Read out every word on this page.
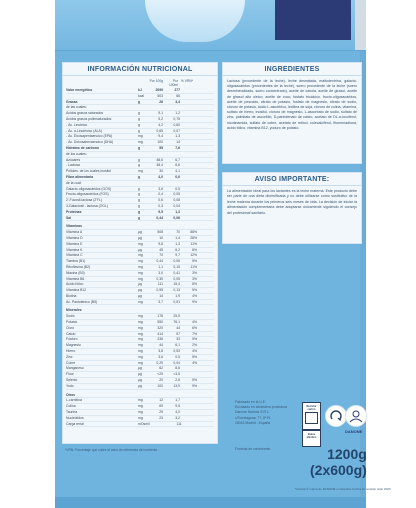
INFORMACIÓN NUTRICIONAL
Por 100g	Por 100ml
% VRN*
Valor energético	kJ	2099	277
kcal	503	66
Grasas	g	26	3,4
de las cuales:
Ácidos grasos saturados	g	9,1	1,2
Ácidos grasos poliinsaturados:	g	5,2	0,75
- Ác. Linoleico	g	4,2	0,60
- Ác. α-Linolénico (ALA)	g	0,65	0,07
- Ác. Eicosapentaenoico (EPA)	mg	9,4	1,3
- Ác. Docosahexaenoico (DHA)	mg	100	14
Hidratos de carbono	g	55	7,6
de los cuales:
Azúcares	g	48,6	6,7
- Lactosa	g	48,4	6,6
Polioles: de los cuales inositol	mg	30	4,1
Fibra alimentaria	g	4,0	0,6
de la cual:
Galacto-oligosacáridos (GOS)	g	3,6	0,5
Fructo-oligosacáridos (FOS)	g	0,4	0,05
2'-Fucosil-lactosa (2'FL)	g	0,6	0,08
3-Galactosil - lactosa (3'GL)	g	0,3	0,04
Proteínas	g	9,5	1,3
Sal	g	0,44	0,06
Vitaminas
Vitamina A	µg	508	70	88%
Vitamina D	µg	10	1,4	28%
Vitamina E	mg	9,8	1,3	11%
Vitamina K	µg	45	6,2	8%
Vitamina C	mg	70	9,7	12%
Tiamina (B1)	mg	0,44	0,06	5%
Riboflavina (B2)	mg	1,1	0,15	11%
Niacina (B3)	mg	3,0	0,41	3%
Vitamina B6	mg	0,35	0,05	3%
Ácido fólico	µg	111	15,4	8%
Vitamina B12	µg	0,95	0,13	5%
Biotina	µg	14	1,9	4%
Ác. Pantoténico (B5)	mg	3,7	0,51	9%
Minerales
Sodio	mg	178	25,5
Potasio	mg	550	76,1	4%
Cloro	mg	320	44	6%
Calcio	mg	414	57	7%
Fósforo	mg	236	33	5%
Magnesio	mg	44	6,1	2%
Hierro	mg	3,8	0,53	4%
Zinc	mg	3,6	0,5	5%
Cobre	mg	0,29	0,04	4%
Manganeso	µg	62	8,6
Flúor	µg	<25	<3,5
Selenio	µg	20	2,8	5%
Yodo	µg	100	13,9	9%
Otros
L-carnitina	mg	12	1,7
Colina	mg	69	9,5
Taurina	mg	29	4,0
Nucleótidos	mg	23	3,2
Carga renal	mOsm/l	111
INGREDIENTES
Lactosa (procedente de la leche), leche desnatada, maltodextrina, galacto-oligosacáridos (procedentes de la leche), suero procedente de la leche (suero desmineralizado, suero concentrado), aceite de canola, aceite de girasol, aceite de girasol alto oleico, aceite de coco, fosfato tricálcico, fructo-oligosacáridos, aceite de pescado, citrato de potasio, fosfato de magnesio, citrato de sodio, cloruro de potasio, ácido L-ascórbico, lecitina de soja, cloruro de colina, vitamina, sulfato de hierro, inositol, cloruro de magnesio, L-ascorbato de sodio, sulfato de zinc, palmitato de ascorbilo, D-pantotenato de calcio, acetato de DL-α-tocoferol, nicotinamida, sulfato de cobre, acetato de retinol, colecalciferol, fitomenadiona, ácido fólico, vitamina B12, yoduro de potasio.
AVISO IMPORTANTE:
La alimentación ideal para los lactantes es la leche materna. Este producto debe ser parte de una dieta diversificada y no debe utilizarse como sustitutivo de la leche materna durante los primeros seis meses de vida. La decisión de iniciar la alimentación complementaria debe adoptarse únicamente siguiendo el consejo del profesional sanitario.
*VRN: Porcentaje que cubre el valor de referencia del nutriente
Fabricado en la U.E.
Envasado en atmósfera protectora
Danone Nutricia S.R.L.
c/Torrelaguna, 77, 8ª Pl.
28043 Madrid - España
Fórmula de crecimiento
Reciclar cartón
Bolsa plástico
DANONE
1200g
(2x600g)
*Almirón® marca de DANONE en España. Fecha de revisión Julio 2020
